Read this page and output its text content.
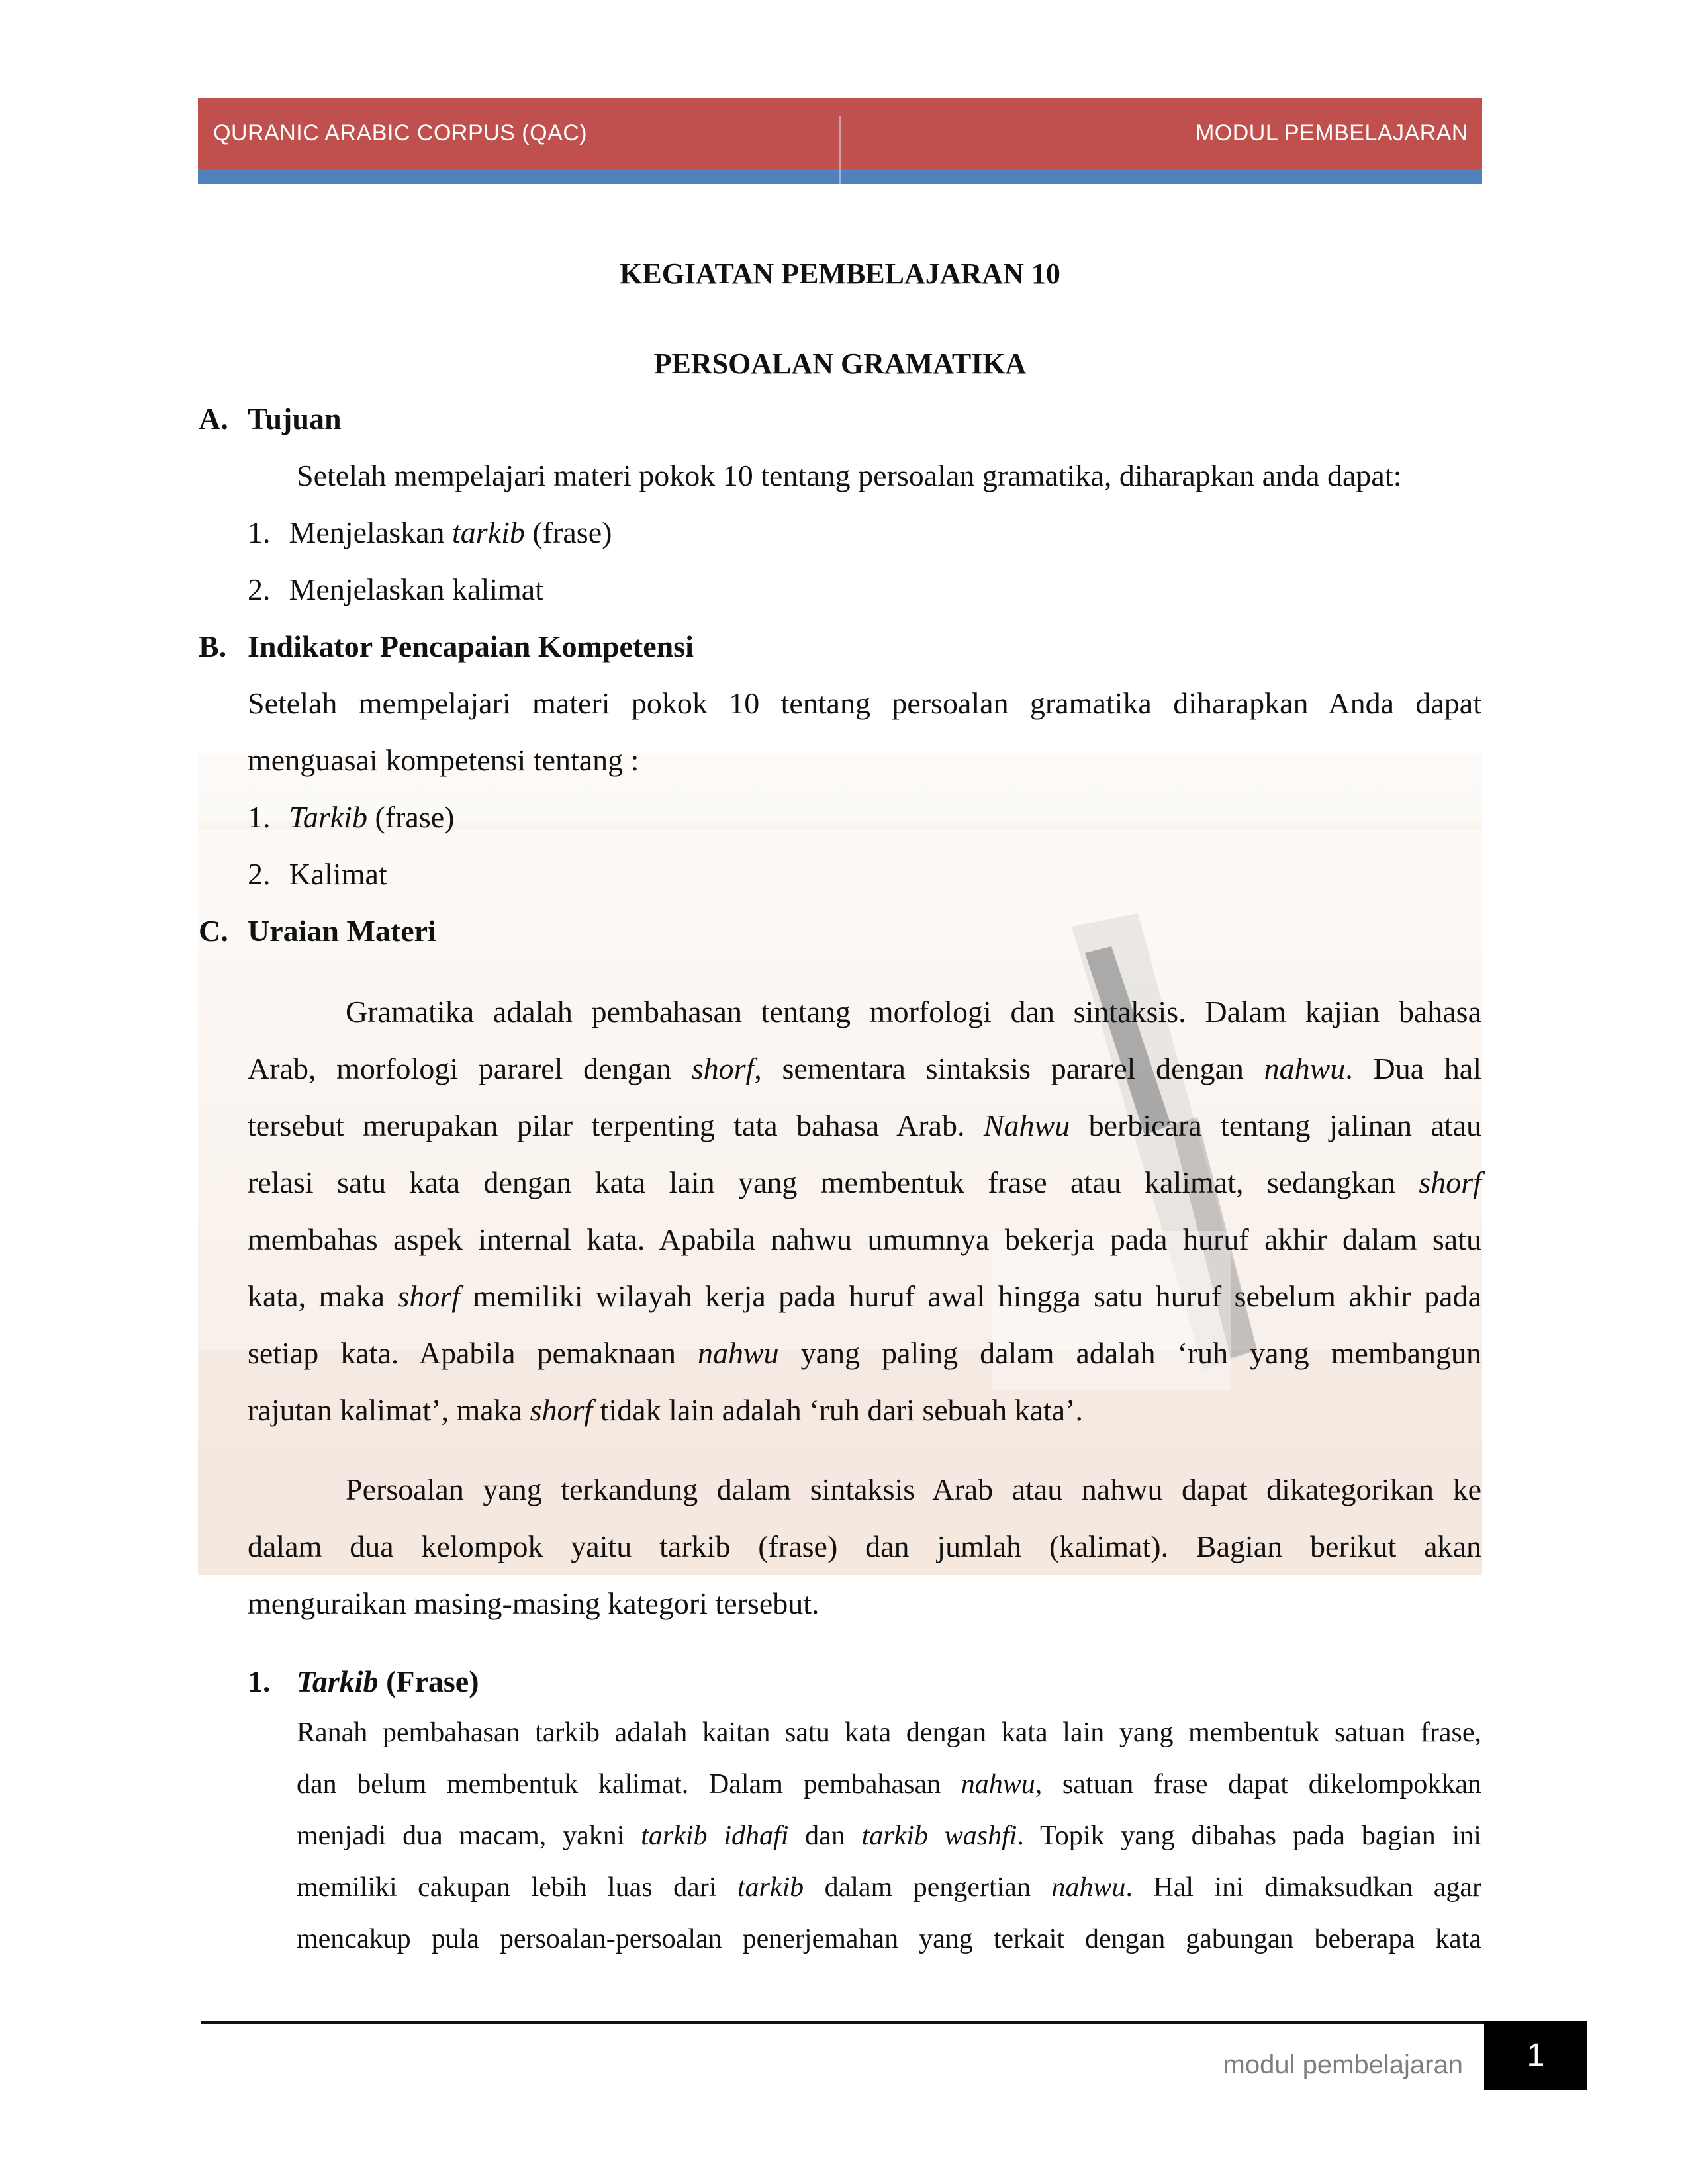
QURANIC ARABIC CORPUS (QAC)	MODUL PEMBELAJARAN
KEGIATAN PEMBELAJARAN 10
PERSOALAN GRAMATIKA
A. Tujuan
Setelah mempelajari materi pokok 10 tentang persoalan gramatika, diharapkan anda dapat:
1. Menjelaskan tarkib (frase)
2. Menjelaskan kalimat
B. Indikator Pencapaian Kompetensi
Setelah mempelajari materi pokok 10 tentang persoalan gramatika diharapkan Anda dapat
menguasai kompetensi tentang :
1. Tarkib (frase)
2. Kalimat
C. Uraian Materi
Gramatika adalah pembahasan tentang morfologi dan sintaksis. Dalam kajian bahasa
Arab, morfologi pararel dengan shorf, sementara sintaksis pararel dengan nahwu. Dua hal
tersebut merupakan pilar terpenting tata bahasa Arab. Nahwu berbicara tentang jalinan atau
relasi satu kata dengan kata lain yang membentuk frase atau kalimat, sedangkan shorf
membahas aspek internal kata. Apabila nahwu umumnya bekerja pada huruf akhir dalam satu
kata, maka shorf memiliki wilayah kerja pada huruf awal hingga satu huruf sebelum akhir pada
setiap kata. Apabila pemaknaan nahwu yang paling dalam adalah ‘ruh yang membangun
rajutan kalimat’, maka shorf tidak lain adalah ‘ruh dari sebuah kata’.
Persoalan yang terkandung dalam sintaksis Arab atau nahwu dapat dikategorikan ke
dalam dua kelompok yaitu tarkib (frase) dan jumlah (kalimat). Bagian berikut akan
menguraikan masing-masing kategori tersebut.
1. Tarkib (Frase)
Ranah pembahasan tarkib adalah kaitan satu kata dengan kata lain yang membentuk satuan frase,
dan belum membentuk kalimat. Dalam pembahasan nahwu, satuan frase dapat dikelompokkan
menjadi dua macam, yakni tarkib idhafi dan tarkib washfi. Topik yang dibahas pada bagian ini
memiliki cakupan lebih luas dari tarkib dalam pengertian nahwu. Hal ini dimaksudkan agar
mencakup pula persoalan-persoalan penerjemahan yang terkait dengan gabungan beberapa kata
modul pembelajaran	1
